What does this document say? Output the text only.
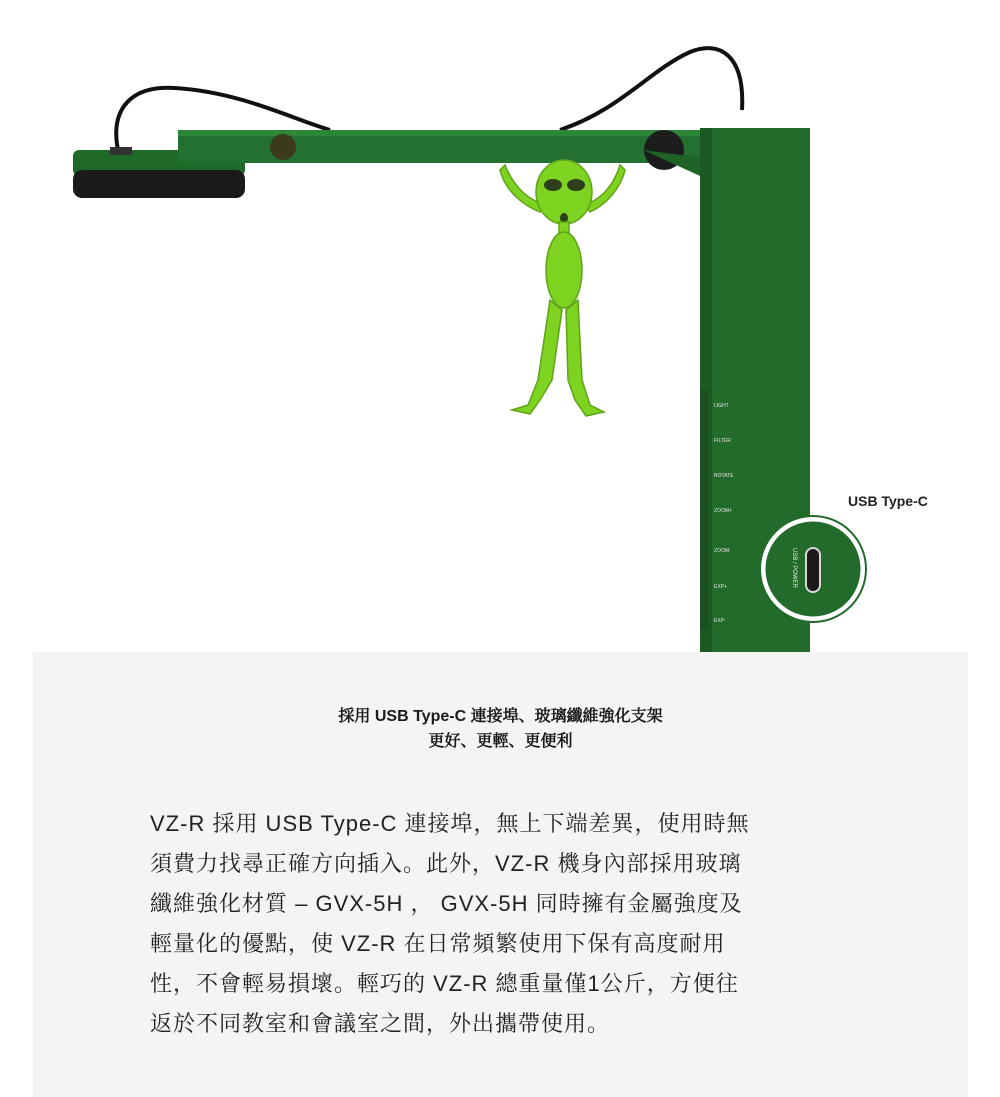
LIGHT
FILTER
ROTATE
ZOOM+
ZOOM-
EXP+
EXP-
USB / POWER
USB Type-C
採用 USB Type-C 連接埠、玻璃纖維強化支架
更好、更輕、更便利

VZ-R 採用 USB Type-C 連接埠，無上下端差異，使用時無

須費力找尋正確方向插入。此外，VZ-R 機身內部採用玻璃

纖維強化材質 – GVX-5H ， GVX-5H 同時擁有金屬強度及

輕量化的優點，使 VZ-R 在日常頻繁使用下保有高度耐用

性，不會輕易損壞。輕巧的 VZ-R 總重量僅1公斤，方便往

返於不同教室和會議室之間，外出攜帶使用。
